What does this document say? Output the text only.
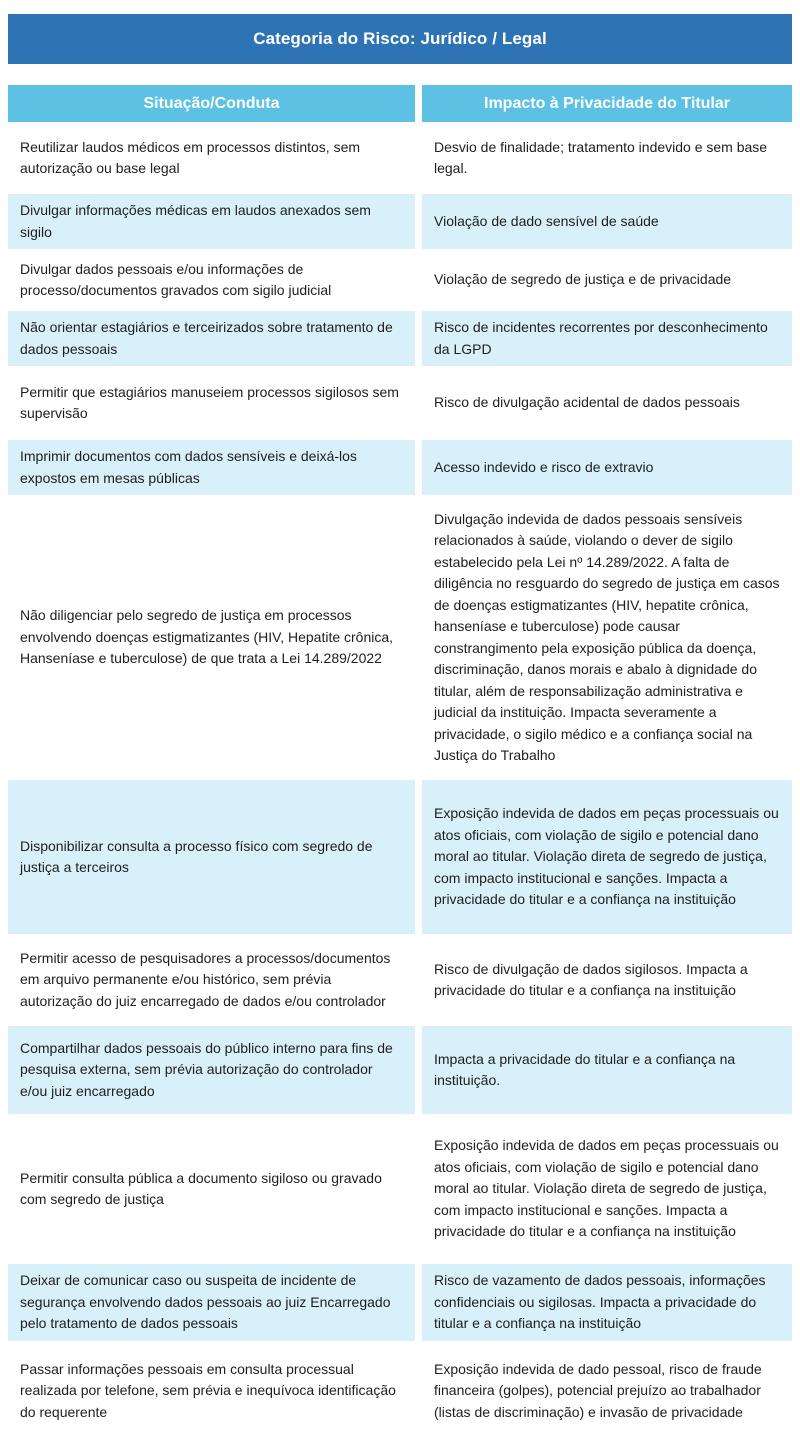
Categoria do Risco: Jurídico / Legal
Situação/Conduta	Impacto à Privacidade do Titular
Reutilizar laudos médicos em processos distintos, sem autorização ou base legal
Desvio de finalidade; tratamento indevido e sem base legal.
Divulgar informações médicas em laudos anexados sem sigilo
Violação de dado sensível de saúde
Divulgar dados pessoais e/ou informações de processo/documentos gravados com sigilo judicial
Violação de segredo de justiça e de privacidade
Não orientar estagiários e terceirizados sobre tratamento de dados pessoais
Risco de incidentes recorrentes por desconhecimento da LGPD
Permitir que estagiários manuseiem processos sigilosos sem supervisão
Risco de divulgação acidental de dados pessoais
Imprimir documentos com dados sensíveis e deixá-los expostos em mesas públicas
Acesso indevido e risco de extravio
Não diligenciar pelo segredo de justiça em processos envolvendo doenças estigmatizantes (HIV, Hepatite crônica, Hanseníase e tuberculose) de que trata a Lei 14.289/2022
Divulgação indevida de dados pessoais sensíveis relacionados à saúde, violando o dever de sigilo estabelecido pela Lei nº 14.289/2022. A falta de diligência no resguardo do segredo de justiça em casos de doenças estigmatizantes (HIV, hepatite crônica, hanseníase e tuberculose) pode causar constrangimento pela exposição pública da doença, discriminação, danos morais e abalo à dignidade do titular, além de responsabilização administrativa e judicial da instituição. Impacta severamente a privacidade, o sigilo médico e a confiança social na Justiça do Trabalho
Disponibilizar consulta a processo físico com segredo de justiça a terceiros
Exposição indevida de dados em peças processuais ou atos oficiais, com violação de sigilo e potencial dano moral ao titular. Violação direta de segredo de justiça, com impacto institucional e sanções. Impacta a privacidade do titular e a confiança na instituição
Permitir acesso de pesquisadores a processos/documentos em arquivo permanente e/ou histórico, sem prévia autorização do juiz encarregado de dados e/ou controlador
Risco de divulgação de dados sigilosos. Impacta a privacidade do titular e a confiança na instituição
Compartilhar dados pessoais do público interno para fins de pesquisa externa, sem prévia autorização do controlador e/ou juiz encarregado
Impacta a privacidade do titular e a confiança na instituição.
Permitir consulta pública a documento sigiloso ou gravado com segredo de justiça
Exposição indevida de dados em peças processuais ou atos oficiais, com violação de sigilo e potencial dano moral ao titular. Violação direta de segredo de justiça, com impacto institucional e sanções. Impacta a privacidade do titular e a confiança na instituição
Deixar de comunicar caso ou suspeita de incidente de segurança envolvendo dados pessoais ao juiz Encarregado pelo tratamento de dados pessoais
Risco de vazamento de dados pessoais, informações confidenciais ou sigilosas. Impacta a privacidade do titular e a confiança na instituição
Passar informações pessoais em consulta processual realizada por telefone, sem prévia e inequívoca identificação do requerente
Exposição indevida de dado pessoal, risco de fraude financeira (golpes), potencial prejuízo ao trabalhador (listas de discriminação) e invasão de privacidade
